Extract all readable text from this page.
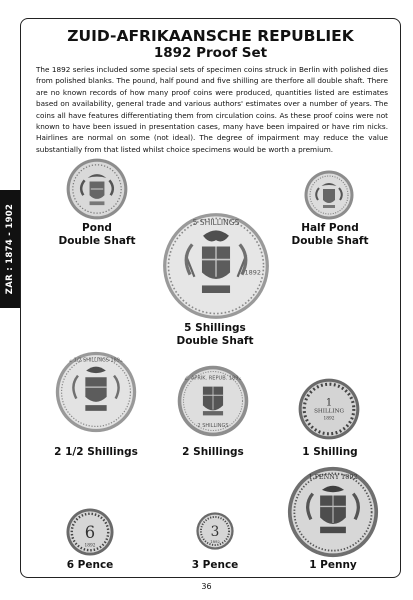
ZAR : 1874 - 1902
ZUID-AFRIKAANSCHE REPUBLIEK
1892 Proof Set

The 1892 series included some special sets of specimen coins struck in Berlin with polished dies from polished blanks. The pound, half pound and five shilling are therfore all double shaft. There are no known records of how many proof coins were produced, quantities listed are estimates based on availability, general trade and various authors' estimates over a number of years. The coins all have features differentiating them from circulation coins. As these proof coins were not known to have been issued in presentation cases, many have been impaired or have rim nicks. Hairlines are normal on some (not ideal). The degree of impairment may reduce the value substantially from that listed whilst choice specimens would be worth a premium.

Pond
Double Shaft
Half Pond
Double Shaft
5 SHILLINGS
1892
5 Shillings
Double Shaft
2 1/2 SHILLINGS 1892
2 1/2 Shillings
Z. AFRIK. REPUB. 1892
2 SHILLINGS
2 Shillings
1
SHILLING
1892
1 Shilling
6
1892
6 Pence
3
1892
3 Pence
1 PENNY 1892
1 Penny
36
